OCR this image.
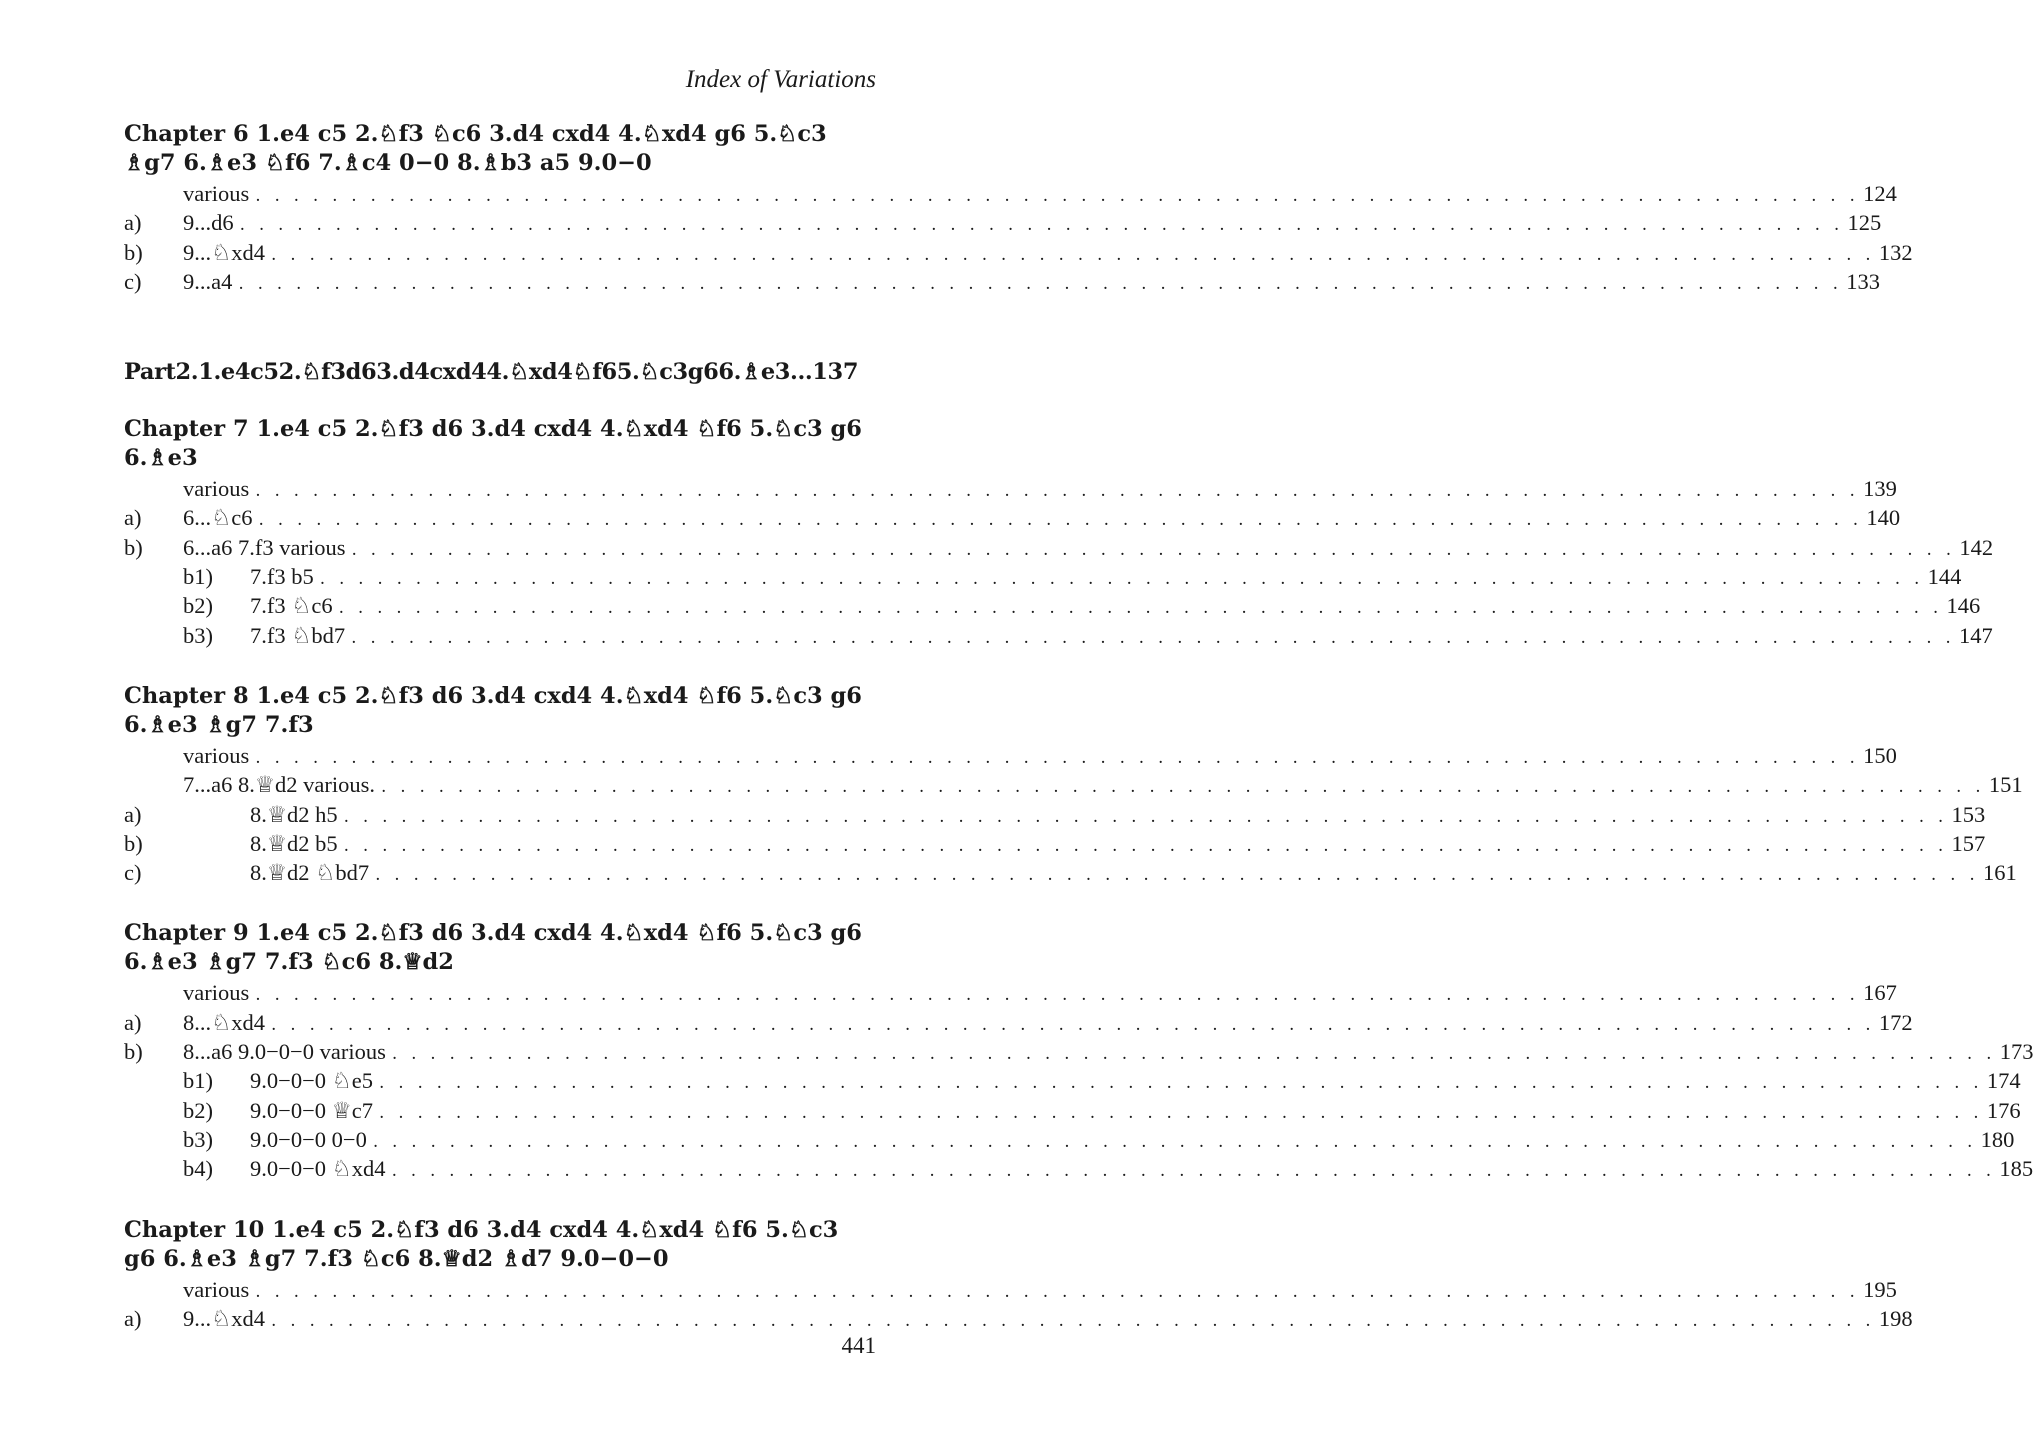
Index of Variations
Chapter 6 1.e4 c5 2.♘f3 ♘c6 3.d4 cxd4 4.♘xd4 g6 5.♘c3 ♗g7 6.♗e3 ♘f6 7.♗c4 0−0 8.♗b3 a5 9.0−0
various . . . . . . . . . . . . . . . . . . . . . . . . . . . . . . . . . . . . . . . . . . . . . . . . . . . . . . . . . . . . . . . . . . . . . . . . . . . . . . . . . . . . 124
a)	9...d6 . . . . . . . . . . . . . . . . . . . . . . . . . . . . . . . . . . . . . . . . . . . . . . . . . . . . . . . . . . . . . . . . . . . . . . . . . . . . . . . . . . . . 125
b)	9...♘xd4 . . . . . . . . . . . . . . . . . . . . . . . . . . . . . . . . . . . . . . . . . . . . . . . . . . . . . . . . . . . . . . . . . . . . . . . . . . . . . . . . . . . . 132
c)	9...a4 . . . . . . . . . . . . . . . . . . . . . . . . . . . . . . . . . . . . . . . . . . . . . . . . . . . . . . . . . . . . . . . . . . . . . . . . . . . . . . . . . . . . 133
Part2.1.e4c52.♘f3d63.d4cxd44.♘xd4♘f65.♘c3g66.♗e3...137
Chapter 7 1.e4 c5 2.♘f3 d6 3.d4 cxd4 4.♘xd4 ♘f6 5.♘c3 g6 6.♗e3
various . . . . . . . . . . . . . . . . . . . . . . . . . . . . . . . . . . . . . . . . . . . . . . . . . . . . . . . . . . . . . . . . . . . . . . . . . . . . . . . . . . . . 139
a)	6...♘c6 . . . . . . . . . . . . . . . . . . . . . . . . . . . . . . . . . . . . . . . . . . . . . . . . . . . . . . . . . . . . . . . . . . . . . . . . . . . . . . . . . . . . 140
b)	6...a6 7.f3 various . . . . . . . . . . . . . . . . . . . . . . . . . . . . . . . . . . . . . . . . . . . . . . . . . . . . . . . . . . . . . . . . . . . . . . . . . . . . . . . . . . . . 142
b1)	7.f3 b5 . . . . . . . . . . . . . . . . . . . . . . . . . . . . . . . . . . . . . . . . . . . . . . . . . . . . . . . . . . . . . . . . . . . . . . . . . . . . . . . . . . . . 144
b2)	7.f3 ♘c6 . . . . . . . . . . . . . . . . . . . . . . . . . . . . . . . . . . . . . . . . . . . . . . . . . . . . . . . . . . . . . . . . . . . . . . . . . . . . . . . . . . . . 146
b3)	7.f3 ♘bd7 . . . . . . . . . . . . . . . . . . . . . . . . . . . . . . . . . . . . . . . . . . . . . . . . . . . . . . . . . . . . . . . . . . . . . . . . . . . . . . . . . . . . 147
Chapter 8 1.e4 c5 2.♘f3 d6 3.d4 cxd4 4.♘xd4 ♘f6 5.♘c3 g6 6.♗e3 ♗g7 7.f3
various . . . . . . . . . . . . . . . . . . . . . . . . . . . . . . . . . . . . . . . . . . . . . . . . . . . . . . . . . . . . . . . . . . . . . . . . . . . . . . . . . . . . 150
7...a6 8.♕d2 various. . . . . . . . . . . . . . . . . . . . . . . . . . . . . . . . . . . . . . . . . . . . . . . . . . . . . . . . . . . . . . . . . . . . . . . . . . . . . . . . . . . . . 151
a)	8.♕d2 h5 . . . . . . . . . . . . . . . . . . . . . . . . . . . . . . . . . . . . . . . . . . . . . . . . . . . . . . . . . . . . . . . . . . . . . . . . . . . . . . . . . . . . 153
b)	8.♕d2 b5 . . . . . . . . . . . . . . . . . . . . . . . . . . . . . . . . . . . . . . . . . . . . . . . . . . . . . . . . . . . . . . . . . . . . . . . . . . . . . . . . . . . . 157
c)	8.♕d2 ♘bd7 . . . . . . . . . . . . . . . . . . . . . . . . . . . . . . . . . . . . . . . . . . . . . . . . . . . . . . . . . . . . . . . . . . . . . . . . . . . . . . . . . . . . 161
Chapter 9 1.e4 c5 2.♘f3 d6 3.d4 cxd4 4.♘xd4 ♘f6 5.♘c3 g6 6.♗e3 ♗g7 7.f3 ♘c6 8.♕d2
various . . . . . . . . . . . . . . . . . . . . . . . . . . . . . . . . . . . . . . . . . . . . . . . . . . . . . . . . . . . . . . . . . . . . . . . . . . . . . . . . . . . . 167
a)	8...♘xd4 . . . . . . . . . . . . . . . . . . . . . . . . . . . . . . . . . . . . . . . . . . . . . . . . . . . . . . . . . . . . . . . . . . . . . . . . . . . . . . . . . . . . 172
b)	8...a6 9.0−0−0 various . . . . . . . . . . . . . . . . . . . . . . . . . . . . . . . . . . . . . . . . . . . . . . . . . . . . . . . . . . . . . . . . . . . . . . . . . . . . . . . . . . . . 173
b1)	9.0−0−0 ♘e5 . . . . . . . . . . . . . . . . . . . . . . . . . . . . . . . . . . . . . . . . . . . . . . . . . . . . . . . . . . . . . . . . . . . . . . . . . . . . . . . . . . . . 174
b2)	9.0−0−0 ♕c7 . . . . . . . . . . . . . . . . . . . . . . . . . . . . . . . . . . . . . . . . . . . . . . . . . . . . . . . . . . . . . . . . . . . . . . . . . . . . . . . . . . . . 176
b3)	9.0−0−0 0−0 . . . . . . . . . . . . . . . . . . . . . . . . . . . . . . . . . . . . . . . . . . . . . . . . . . . . . . . . . . . . . . . . . . . . . . . . . . . . . . . . . . . . 180
b4)	9.0−0−0 ♘xd4 . . . . . . . . . . . . . . . . . . . . . . . . . . . . . . . . . . . . . . . . . . . . . . . . . . . . . . . . . . . . . . . . . . . . . . . . . . . . . . . . . . . . 185
Chapter 10 1.e4 c5 2.♘f3 d6 3.d4 cxd4 4.♘xd4 ♘f6 5.♘c3 g6 6.♗e3 ♗g7 7.f3 ♘c6 8.♕d2 ♗d7 9.0−0−0
various . . . . . . . . . . . . . . . . . . . . . . . . . . . . . . . . . . . . . . . . . . . . . . . . . . . . . . . . . . . . . . . . . . . . . . . . . . . . . . . . . . . . 195
a)	9...♘xd4 . . . . . . . . . . . . . . . . . . . . . . . . . . . . . . . . . . . . . . . . . . . . . . . . . . . . . . . . . . . . . . . . . . . . . . . . . . . . . . . . . . . . 198
441
